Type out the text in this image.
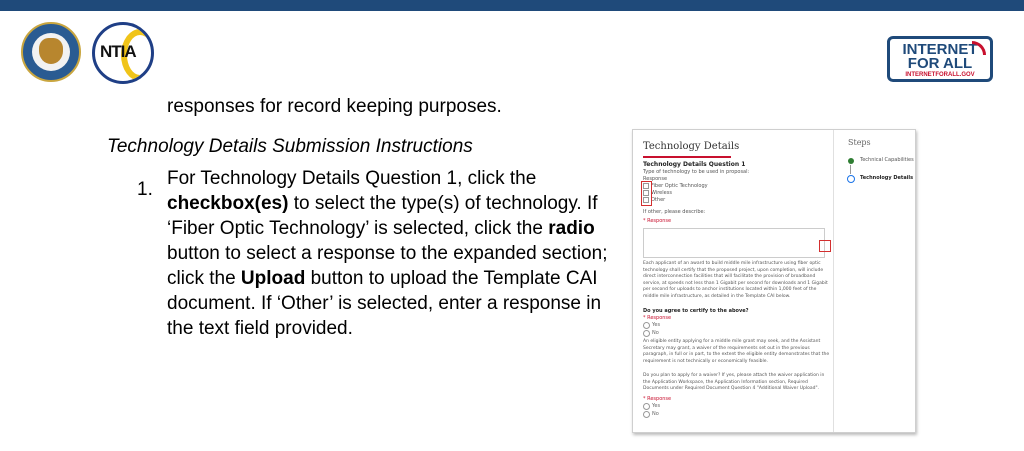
NTIA	INTERNET
FOR ALL
INTERNETFORALL.GOV
responses for record keeping purposes.
Technology Details Submission Instructions
1.
For Technology Details Question 1, click the checkbox(es) to select the type(s) of technology. If ‘Fiber Optic Technology’ is selected, click the radio button to select a response to the expanded section; click the Upload button to upload the Template CAI document. If ‘Other’ is selected, enter a response in the text field provided.
Technology Details	Steps
Technical Capabilities
Technology Details
Technology Details Question 1
Type of technology to be used in proposal:
Response
Fiber Optic Technology
Wireless
Other
If other, please describe:
* Response
Each applicant of an award to build middle mile infrastructure using fiber optic technology shall certify that the proposed project, upon completion, will include direct interconnection facilities that will facilitate the provision of broadband service, at speeds not less than 1 Gigabit per second for downloads and 1 Gigabit per second for uploads to anchor institutions located within 1,000 feet of the middle mile infrastructure, as detailed in the Template CAI below.
Do you agree to certify to the above?
* Response
Yes
No
An eligible entity applying for a middle mile grant may seek, and the Assistant Secretary may grant, a waiver of the requirements set out in the previous paragraph, in full or in part, to the extent the eligible entity demonstrates that the requirement is not technically or economically feasible.
Do you plan to apply for a waiver? If yes, please attach the waiver application in the Application Workspace, the Application Information section, Required Documents under Required Document Question 4 "Additional Waiver Upload".
* Response
Yes
No
